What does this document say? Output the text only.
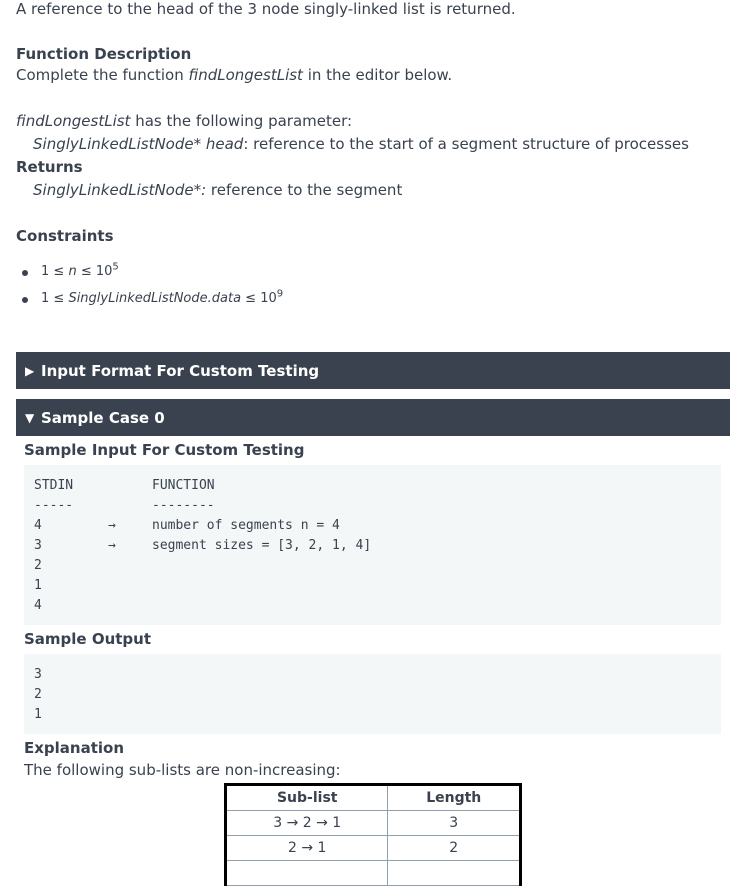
A reference to the head of the 3 node singly-linked list is returned.
Function Description
Complete the function findLongestList in the editor below.
findLongestList has the following parameter:
SinglyLinkedListNode* head: reference to the start of a segment structure of processes
Returns
SinglyLinkedListNode*: reference to the segment
Constraints
$1 \le n \le 10^5$
1 ≤ SinglyLinkedListNode.data ≤ $10^9$
▶ Input Format For Custom Testing
▼ Sample Case 0
Sample Input For Custom Testing
STDIN	FUNCTION
-----	--------
4	→	number of segments n = 4
3	→	segment sizes = [3, 2, 1, 4]
2
1
4
Sample Output
3
2
1
Explanation
The following sub-lists are non-increasing:
Sub-list	Length
3 → 2 → 1	3
2 → 1	2
